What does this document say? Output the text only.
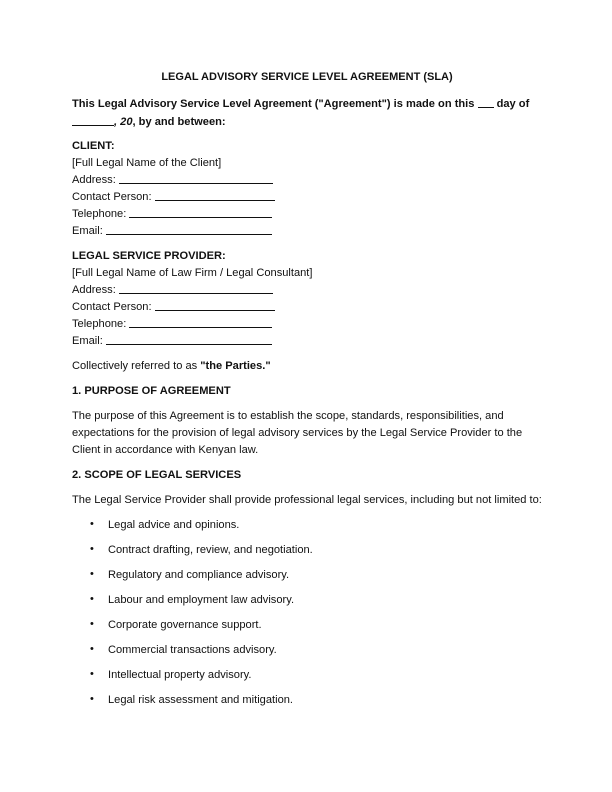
LEGAL ADVISORY SERVICE LEVEL AGREEMENT (SLA)
This Legal Advisory Service Level Agreement ("Agreement") is made on this day of
, 20, by and between:
CLIENT:
[Full Legal Name of the Client]
Address:
Contact Person:
Telephone:
Email:
LEGAL SERVICE PROVIDER:
[Full Legal Name of Law Firm / Legal Consultant]
Address:
Contact Person:
Telephone:
Email:
Collectively referred to as "the Parties."
1. PURPOSE OF AGREEMENT
The purpose of this Agreement is to establish the scope, standards, responsibilities, and
expectations for the provision of legal advisory services by the Legal Service Provider to the
Client in accordance with Kenyan law.
2. SCOPE OF LEGAL SERVICES
The Legal Service Provider shall provide professional legal services, including but not limited to:
• Legal advice and opinions.
• Contract drafting, review, and negotiation.
• Regulatory and compliance advisory.
• Labour and employment law advisory.
• Corporate governance support.
• Commercial transactions advisory.
• Intellectual property advisory.
• Legal risk assessment and mitigation.
